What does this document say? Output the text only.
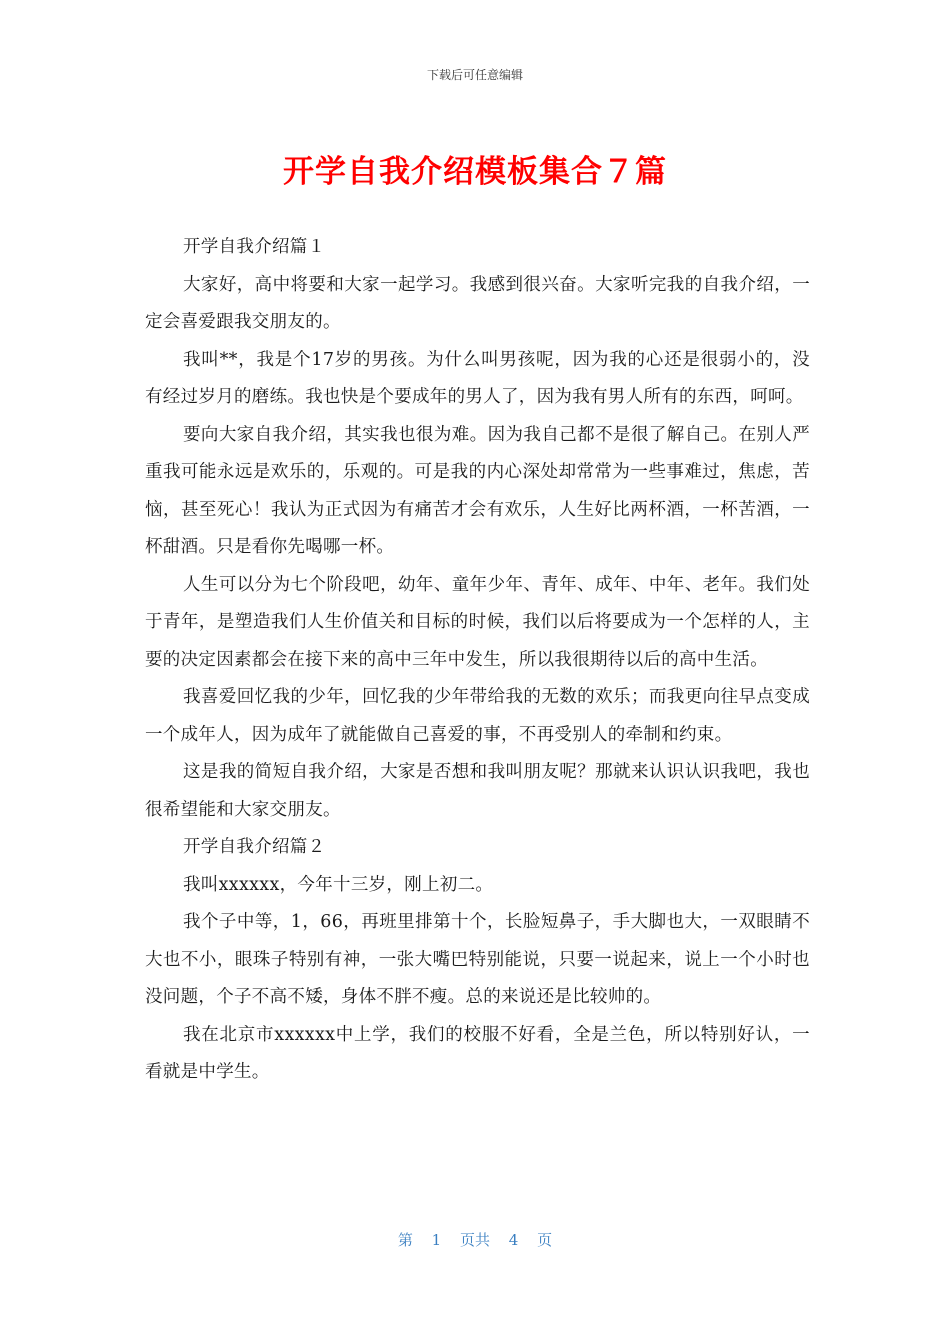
下载后可任意编辑
开学自我介绍模板集合７篇

开学自我介绍篇１

大家好，高中将要和大家一起学习。我感到很兴奋。大家听完我的自我介绍，一定会喜爱跟我交朋友的。

我叫**，我是个17岁的男孩。为什么叫男孩呢，因为我的心还是很弱小的，没有经过岁月的磨练。我也快是个要成年的男人了，因为我有男人所有的东西，呵呵。

要向大家自我介绍，其实我也很为难。因为我自己都不是很了解自己。在别人严重我可能永远是欢乐的，乐观的。可是我的内心深处却常常为一些事难过，焦虑，苦恼，甚至死心！我认为正式因为有痛苦才会有欢乐，人生好比两杯酒，一杯苦酒，一杯甜酒。只是看你先喝哪一杯。

人生可以分为七个阶段吧，幼年、童年少年、青年、成年、中年、老年。我们处于青年，是塑造我们人生价值关和目标的时候，我们以后将要成为一个怎样的人，主要的决定因素都会在接下来的高中三年中发生，所以我很期待以后的高中生活。

我喜爱回忆我的少年，回忆我的少年带给我的无数的欢乐；而我更向往早点变成一个成年人，因为成年了就能做自己喜爱的事，不再受别人的牵制和约束。

这是我的简短自我介绍，大家是否想和我叫朋友呢？那就来认识认识我吧，我也很希望能和大家交朋友。

开学自我介绍篇２

我叫xxxxxx，今年十三岁，刚上初二。

我个子中等，1，66，再班里排第十个，长脸短鼻子，手大脚也大，一双眼睛不大也不小，眼珠子特别有神，一张大嘴巴特别能说，只要一说起来，说上一个小时也没问题，个子不高不矮，身体不胖不瘦。总的来说还是比较帅的。

我在北京市xxxxxx中上学，我们的校服不好看，全是兰色，所以特别好认，一看就是中学生。

第 1 页共 4 页
